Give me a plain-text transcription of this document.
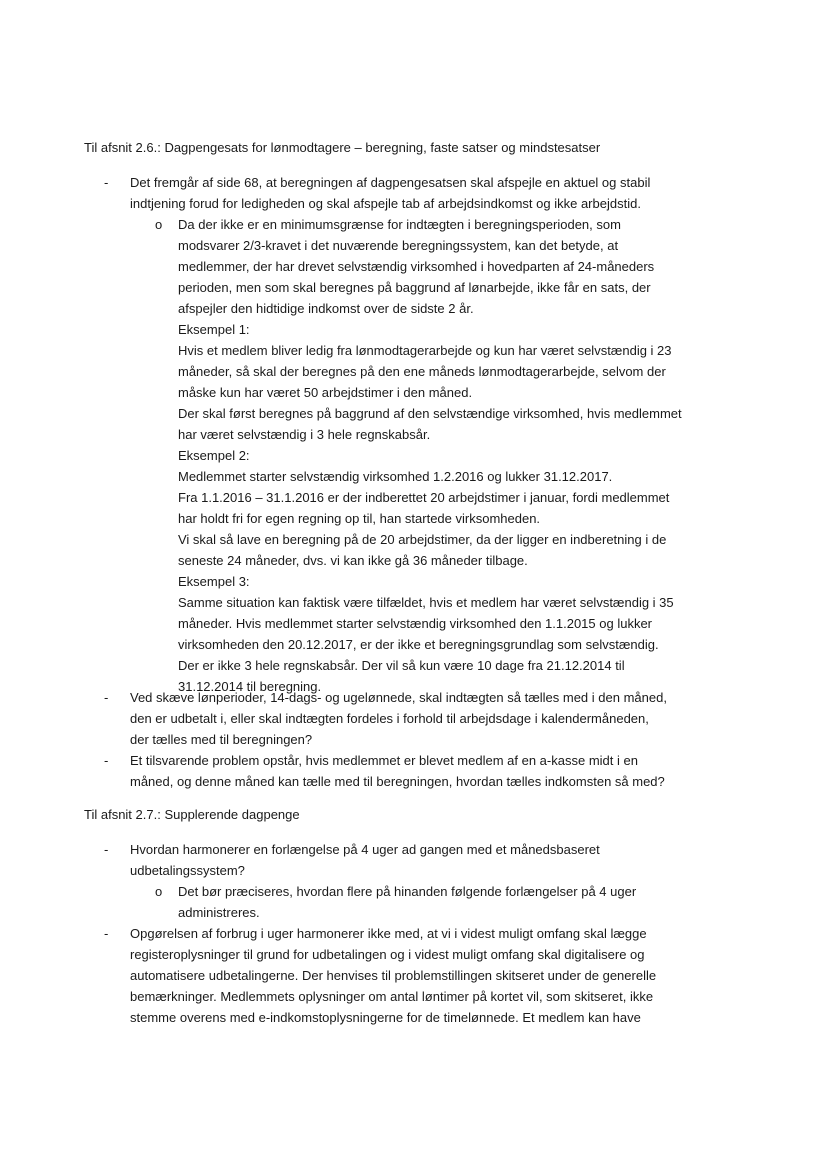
Til afsnit 2.6.: Dagpengesats for lønmodtagere – beregning, faste satser og mindstesatser
- Det fremgår af side 68, at beregningen af dagpengesatsen skal afspejle en aktuel og stabil
indtjening forud for ledigheden og skal afspejle tab af arbejdsindkomst og ikke arbejdstid.
o Da der ikke er en minimumsgrænse for indtægten i beregningsperioden, som
modsvarer 2/3-kravet i det nuværende beregningssystem, kan det betyde, at
medlemmer, der har drevet selvstændig virksomhed i hovedparten af 24-måneders
perioden, men som skal beregnes på baggrund af lønarbejde, ikke får en sats, der
afspejler den hidtidige indkomst over de sidste 2 år.
Eksempel 1:
Hvis et medlem bliver ledig fra lønmodtagerarbejde og kun har været selvstændig i 23
måneder, så skal der beregnes på den ene måneds lønmodtagerarbejde, selvom der
måske kun har været 50 arbejdstimer i den måned.
Der skal først beregnes på baggrund af den selvstændige virksomhed, hvis medlemmet
har været selvstændig i 3 hele regnskabsår.
Eksempel 2:
Medlemmet starter selvstændig virksomhed 1.2.2016 og lukker 31.12.2017.
Fra 1.1.2016 – 31.1.2016 er der indberettet 20 arbejdstimer i januar, fordi medlemmet
har holdt fri for egen regning op til, han startede virksomheden.
Vi skal så lave en beregning på de 20 arbejdstimer, da der ligger en indberetning i de
seneste 24 måneder, dvs. vi kan ikke gå 36 måneder tilbage.
Eksempel 3:
Samme situation kan faktisk være tilfældet, hvis et medlem har været selvstændig i 35
måneder. Hvis medlemmet starter selvstændig virksomhed den 1.1.2015 og lukker
virksomheden den 20.12.2017, er der ikke et beregningsgrundlag som selvstændig.
Der er ikke 3 hele regnskabsår. Der vil så kun være 10 dage fra 21.12.2014 til
31.12.2014 til beregning.
- Ved skæve lønperioder, 14-dags- og ugelønnede, skal indtægten så tælles med i den måned,
den er udbetalt i, eller skal indtægten fordeles i forhold til arbejdsdage i kalendermåneden,
der tælles med til beregningen?
- Et tilsvarende problem opstår, hvis medlemmet er blevet medlem af en a-kasse midt i en
måned, og denne måned kan tælle med til beregningen, hvordan tælles indkomsten så med?
Til afsnit 2.7.: Supplerende dagpenge
- Hvordan harmonerer en forlængelse på 4 uger ad gangen med et månedsbaseret
udbetalingssystem?
o Det bør præciseres, hvordan flere på hinanden følgende forlængelser på 4 uger
administreres.
- Opgørelsen af forbrug i uger harmonerer ikke med, at vi i videst muligt omfang skal lægge
registeroplysninger til grund for udbetalingen og i videst muligt omfang skal digitalisere og
automatisere udbetalingerne. Der henvises til problemstillingen skitseret under de generelle
bemærkninger. Medlemmets oplysninger om antal løntimer på kortet vil, som skitseret, ikke
stemme overens med e-indkomstoplysningerne for de timelønnede. Et medlem kan have
